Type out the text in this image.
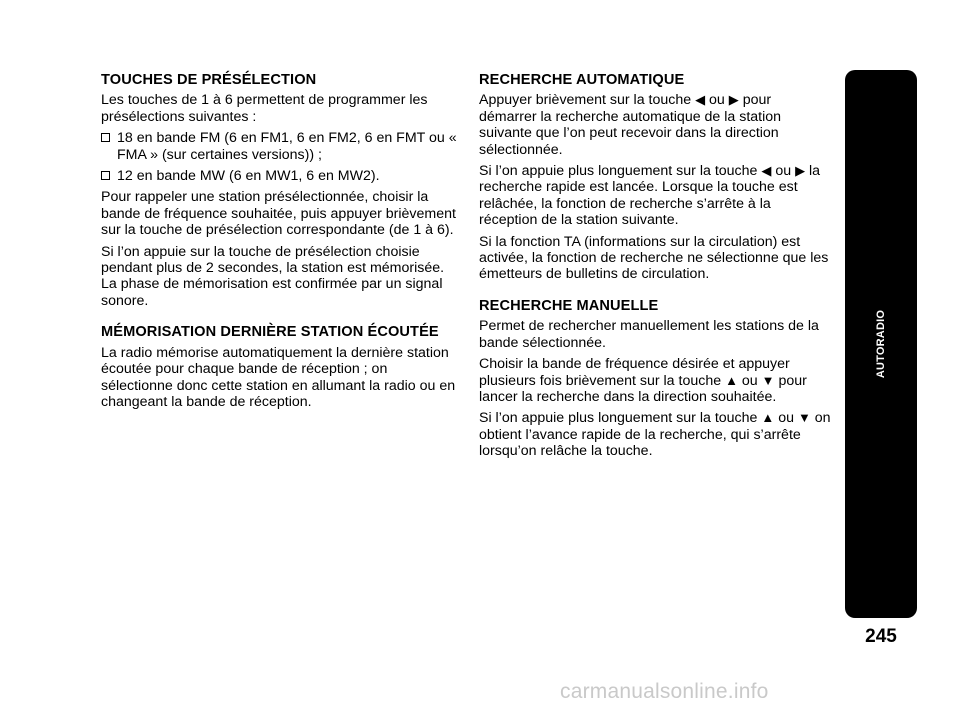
TOUCHES DE PRÉSÉLECTION

Les touches de 1 à 6 permettent de programmer les présélections suivantes :

18 en bande FM (6 en FM1, 6 en FM2, 6 en FMT ou « FMA » (sur certaines versions)) ;
12 en bande MW (6 en MW1, 6 en MW2).

Pour rappeler une station présélectionnée, choisir la bande de fréquence souhaitée, puis appuyer brièvement sur la touche de présélection correspondante (de 1 à 6).

Si l’on appuie sur la touche de présélection choisie pendant plus de 2 secondes, la station est mémorisée. La phase de mémorisation est confirmée par un signal sonore.

MÉMORISATION DERNIÈRE STATION ÉCOUTÉE

La radio mémorise automatiquement la dernière station écoutée pour chaque bande de réception ; on sélectionne donc cette station en allumant la radio ou en changeant la bande de réception.

RECHERCHE AUTOMATIQUE

Appuyer brièvement sur la touche ◀ ou ▶ pour démarrer la recherche automatique de la station suivante que l’on peut recevoir dans la direction sélectionnée.

Si l’on appuie plus longuement sur la touche ◀ ou ▶ la recherche rapide est lancée. Lorsque la touche est relâchée, la fonction de recherche s’arrête à la réception de la station suivante.

Si la fonction TA (informations sur la circulation) est activée, la fonction de recherche ne sélectionne que les émetteurs de bulletins de circulation.

RECHERCHE MANUELLE

Permet de rechercher manuellement les stations de la bande sélectionnée.

Choisir la bande de fréquence désirée et appuyer plusieurs fois brièvement sur la touche ▲ ou ▼ pour lancer la recherche dans la direction souhaitée.

Si l’on appuie plus longuement sur la touche ▲ ou ▼ on obtient l’avance rapide de la recherche, qui s’arrête lorsqu’on relâche la touche.

AUTORADIO
245
carmanualsonline.info
